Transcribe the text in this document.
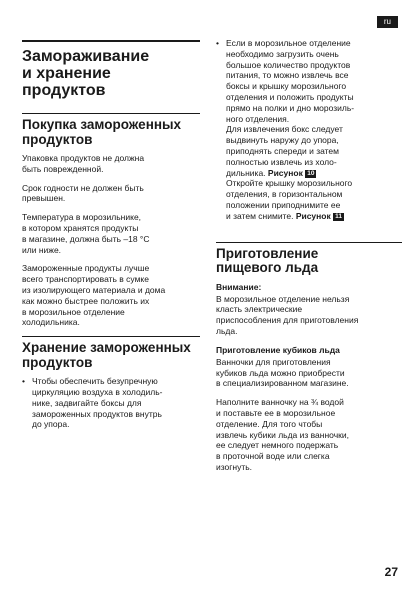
ru
Замораживание
и хранение
продуктов
Покупка замороженных
продуктов

Упаковка продуктов не должна
быть поврежденной.

Срок годности не должен быть
превышен.

Температура в морозильнике,
в котором хранятся продукты
в магазине, должна быть –18 °С
или ниже.

Замороженные продукты лучше
всего транспортировать в сумке
из изолирующего материала и дома
как можно быстрее положить их
в морозильное отделение
холодильника.

Хранение замороженных
продуктов
• Чтобы обеспечить безупречную
циркуляцию воздуха в холодиль-
нике, задвигайте боксы для
замороженных продуктов внутрь
до упора.

• Если в морозильное отделение
необходимо загрузить очень
большое количество продуктов
питания, то можно извлечь все
боксы и крышку морозильного
отделения и положить продукты
прямо на полки и дно морозиль-
ного отделения.
Для извлечения бокс следует
выдвинуть наружу до упора,
приподнять спереди и затем
полностью извлечь из холо-
дильника. Рисунок 10
Откройте крышку морозильного
отделения, в горизонтальном
положении приподнимите ее
и затем снимите. Рисунок 11

Приготовление
пищевого льда
Внимание:

В морозильное отделение нельзя
класть электрические
приспособления для приготовления
льда.

Приготовление кубиков льда

Ванночки для приготовления
кубиков льда можно приобрести
в специализированном магазине.

Наполните ванночку на ¾ водой
и поставьте ее в морозильное
отделение. Для того чтобы
извлечь кубики льда из ванночки,
ее следует немного подержать
в проточной воде или слегка
изогнуть.

27
